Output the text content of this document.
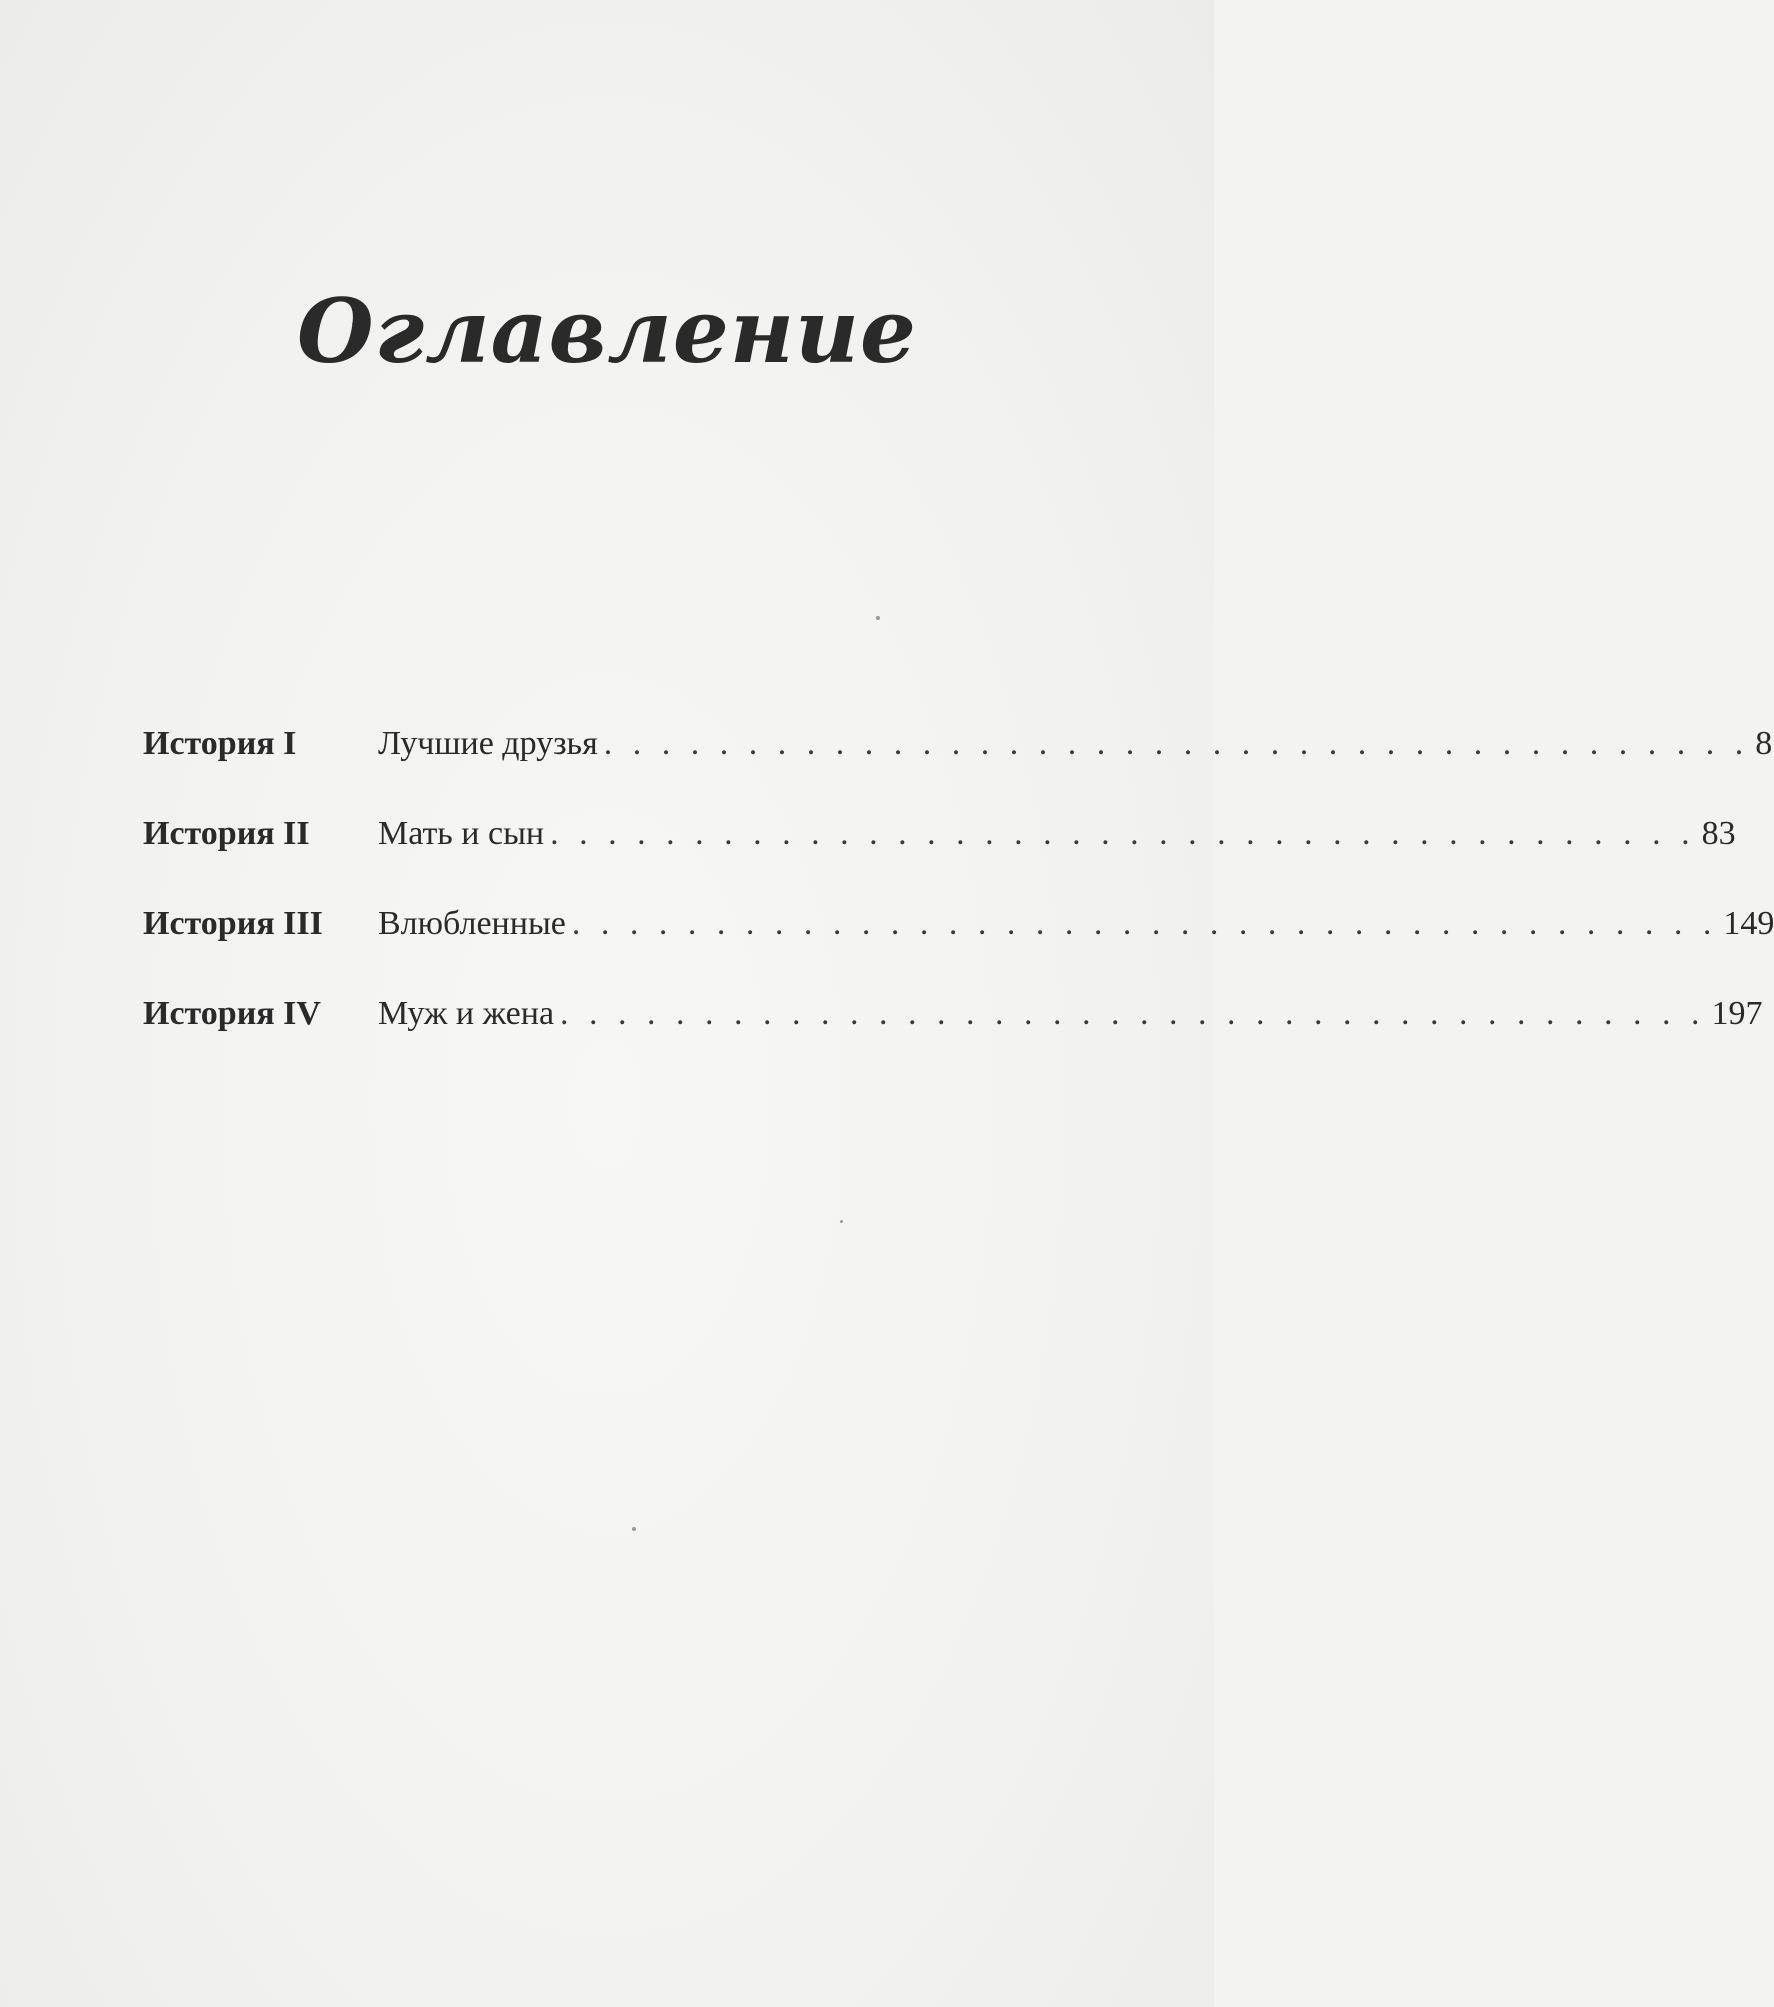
Оглавление
История I	Лучшие друзья . . . . . . . . . . . . . . . . . . . . . . . . . . . . . . . . . . . . . . . . 8
История II	Мать и сын . . . . . . . . . . . . . . . . . . . . . . . . . . . . . . . . . . . . . . . . 83
История III	Влюбленные . . . . . . . . . . . . . . . . . . . . . . . . . . . . . . . . . . . . . . . . 149
История IV	Муж и жена . . . . . . . . . . . . . . . . . . . . . . . . . . . . . . . . . . . . . . . . 197
